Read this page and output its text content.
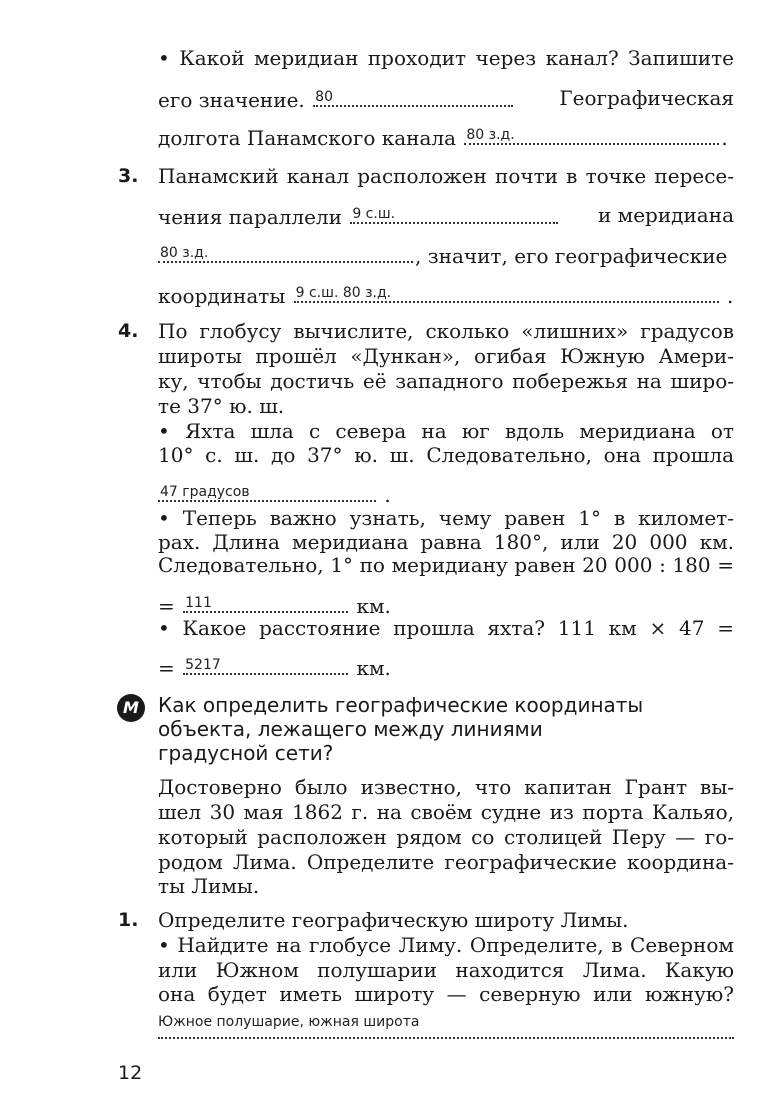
• Какой меридиан проходит через канал? Запишите
его значение. 80	Географическая
долгота Панамского канала 80 з.д.	.
3. Панамский канал расположен почти в точке пересе-
чения параллели 9 с.ш.	и меридиана
80 з.д.	, значит, его географические
координаты 9 с.ш. 80 з.д.	.
4. По глобусу вычислите, сколько «лишних» градусов
широты прошёл «Дункан», огибая Южную Амери-
ку, чтобы достичь её западного побережья на широ-
те 37° ю. ш.
• Яхта шла с севера на юг вдоль меридиана от
10° с. ш. до 37° ю. ш. Следовательно, она прошла
47 градусов	.
• Теперь важно узнать, чему равен 1° в километ-
рах. Длина меридиана равна 180°, или 20 000 км.
Следовательно, 1° по меридиану равен 20 000 : 180 =
= 111	км.
• Какое расстояние прошла яхта? 111 км × 47 =
= 5217	км.
М Как определить географические координаты
объекта, лежащего между линиями
градусной сети?
Достоверно было известно, что капитан Грант вы-
шел 30 мая 1862 г. на своём судне из порта Кальяо,
который расположен рядом со столицей Перу — го-
родом Лима. Определите географические координа-
ты Лимы.
1. Определите географическую широту Лимы.
• Найдите на глобусе Лиму. Определите, в Северном
или Южном полушарии находится Лима. Какую
она будет иметь широту — северную или южную?
Южное полушарие, южная широта
12
